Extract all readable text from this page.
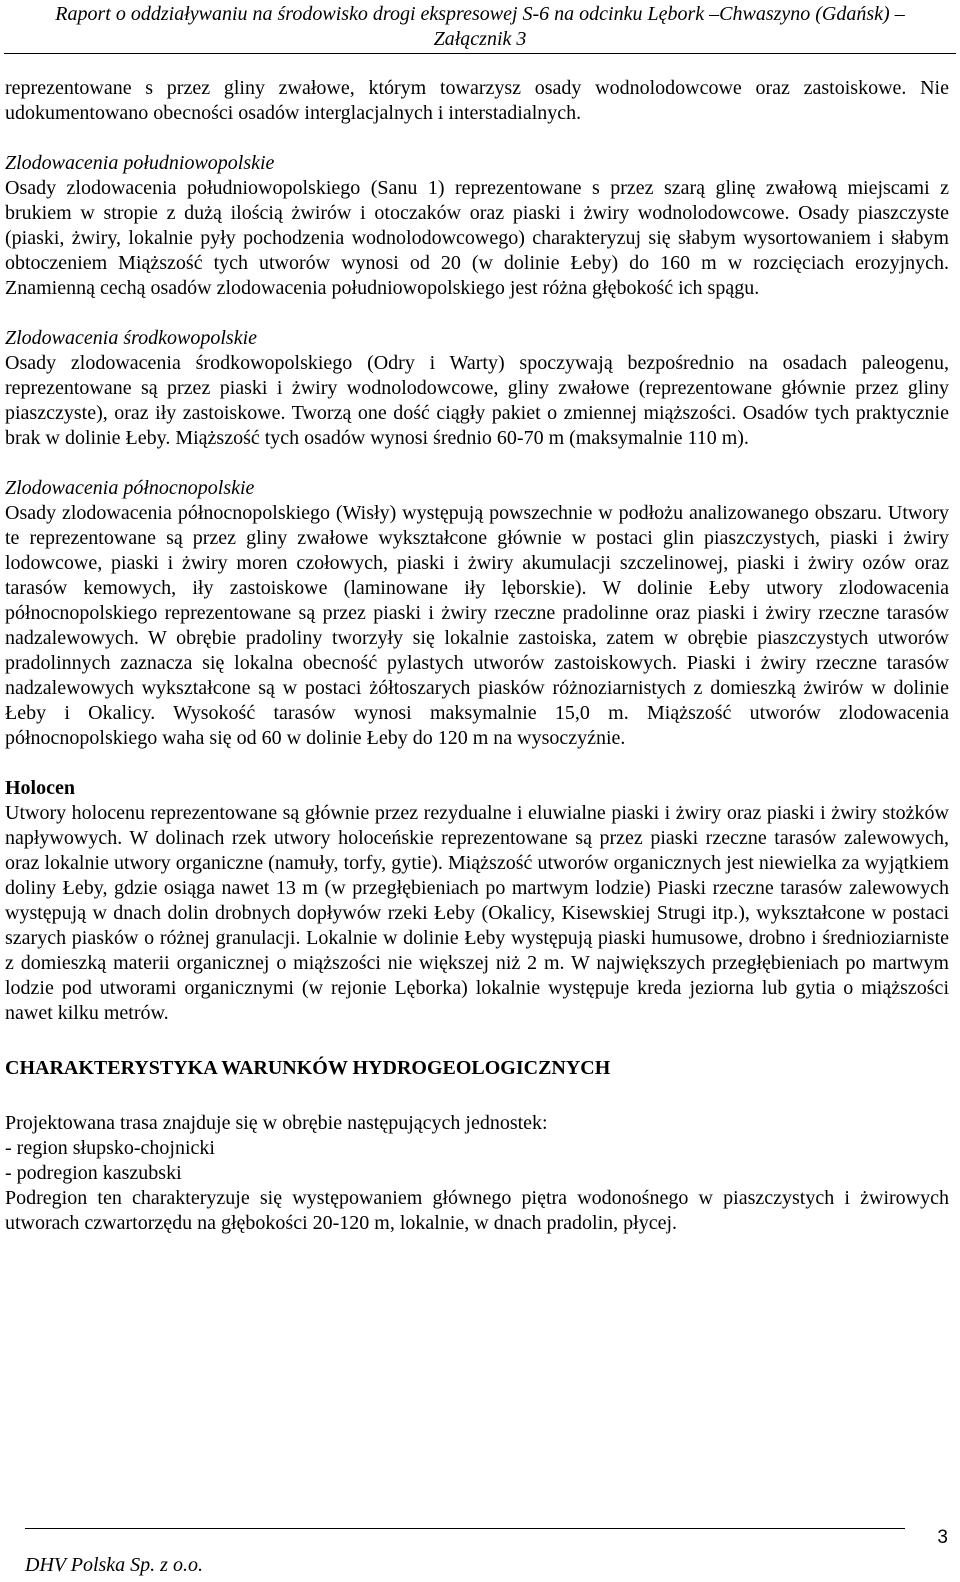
Raport o oddziaływaniu na środowisko drogi ekspresowej S-6 na odcinku Lębork –Chwaszyno (Gdańsk) –
Załącznik 3

reprezentowane s przez gliny zwałowe, którym towarzysz osady wodnolodowcowe oraz zastoiskowe. Nie udokumentowano obecności osadów interglacjalnych i interstadialnych.

Zlodowacenia południowopolskie

Osady zlodowacenia południowopolskiego (Sanu 1) reprezentowane s przez szarą glinę zwałową miejscami z brukiem w stropie z dużą ilością żwirów i otoczaków oraz piaski i żwiry wodnolodowcowe. Osady piaszczyste (piaski, żwiry, lokalnie pyły pochodzenia wodnolodowcowego) charakteryzuj się słabym wysortowaniem i słabym obtoczeniem Miąższość tych utworów wynosi od 20 (w dolinie Łeby) do 160 m w rozcięciach erozyjnych. Znamienną cechą osadów zlodowacenia południowopolskiego jest różna głębokość ich spągu.

Zlodowacenia środkowopolskie

Osady zlodowacenia środkowopolskiego (Odry i Warty) spoczywają bezpośrednio na osadach paleogenu, reprezentowane są przez piaski i żwiry wodnolodowcowe, gliny zwałowe (reprezentowane głównie przez gliny piaszczyste), oraz iły zastoiskowe. Tworzą one dość ciągły pakiet o zmiennej miąższości. Osadów tych praktycznie brak w dolinie Łeby. Miąższość tych osadów wynosi średnio 60-70 m (maksymalnie 110 m).

Zlodowacenia północnopolskie

Osady zlodowacenia północnopolskiego (Wisły) występują powszechnie w podłożu analizowanego obszaru. Utwory te reprezentowane są przez gliny zwałowe wykształcone głównie w postaci glin piaszczystych, piaski i żwiry lodowcowe, piaski i żwiry moren czołowych, piaski i żwiry akumulacji szczelinowej, piaski i żwiry ozów oraz tarasów kemowych, iły zastoiskowe (laminowane iły lęborskie). W dolinie Łeby utwory zlodowacenia północnopolskiego reprezentowane są przez piaski i żwiry rzeczne pradolinne oraz piaski i żwiry rzeczne tarasów nadzalewowych. W obrębie pradoliny tworzyły się lokalnie zastoiska, zatem w obrębie piaszczystych utworów pradolinnych zaznacza się lokalna obecność pylastych utworów zastoiskowych. Piaski i żwiry rzeczne tarasów nadzalewowych wykształcone są w postaci żółtoszarych piasków różnoziarnistych z domieszką żwirów w dolinie Łeby i Okalicy. Wysokość tarasów wynosi maksymalnie 15,0 m. Miąższość utworów zlodowacenia północnopolskiego waha się od 60 w dolinie Łeby do 120 m na wysoczyźnie.

Holocen

Utwory holocenu reprezentowane są głównie przez rezydualne i eluwialne piaski i żwiry oraz piaski i żwiry stożków napływowych. W dolinach rzek utwory holoceńskie reprezentowane są przez piaski rzeczne tarasów zalewowych, oraz lokalnie utwory organiczne (namuły, torfy, gytie). Miąższość utworów organicznych jest niewielka za wyjątkiem doliny Łeby, gdzie osiąga nawet 13 m (w przegłębieniach po martwym lodzie) Piaski rzeczne tarasów zalewowych występują w dnach dolin drobnych dopływów rzeki Łeby (Okalicy, Kisewskiej Strugi itp.), wykształcone w postaci szarych piasków o różnej granulacji. Lokalnie w dolinie Łeby występują piaski humusowe, drobno i średnioziarniste z domieszką materii organicznej o miąższości nie większej niż 2 m. W największych przegłębieniach po martwym lodzie pod utworami organicznymi (w rejonie Lęborka) lokalnie występuje kreda jeziorna lub gytia o miąższości nawet kilku metrów.

CHARAKTERYSTYKA WARUNKÓW HYDROGEOLOGICZNYCH

Projektowana trasa znajduje się w obrębie następujących jednostek:

- region słupsko-chojnicki
- podregion kaszubski

Podregion ten charakteryzuje się występowaniem głównego piętra wodonośnego w piaszczystych i żwirowych utworach czwartorzędu na głębokości 20-120 m, lokalnie, w dnach pradolin, płycej.

3
DHV Polska Sp. z o.o.
